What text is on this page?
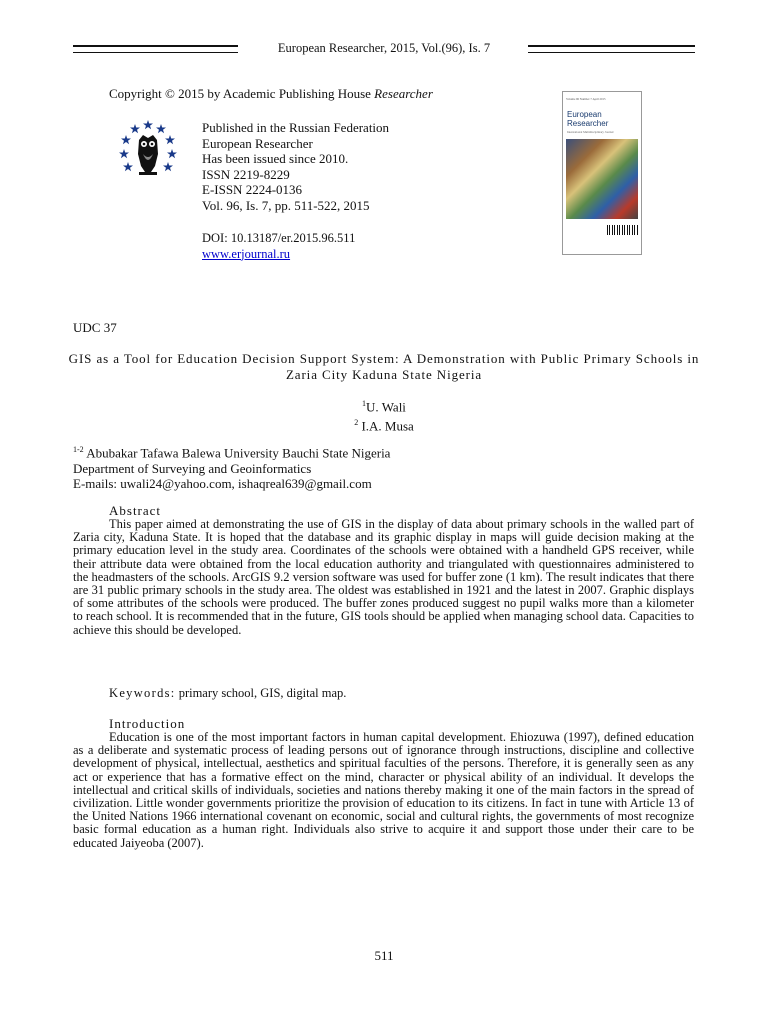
European Researcher, 2015, Vol.(96), Is. 7
Copyright © 2015 by Academic Publishing House Researcher
Published in the Russian Federation
European Researcher
Has been issued since 2010.
ISSN 2219-8229
E-ISSN 2224-0136
Vol. 96, Is. 7, pp. 511-522, 2015
DOI: 10.13187/er.2015.96.511
www.erjournal.ru
Volume 96 Number 7 April 2015
European Researcher
International Multidisciplinary Journal
UDC 37
GIS as a Tool for Education Decision Support System: A Demonstration with Public Primary Schools in Zaria City Kaduna State Nigeria
$^1$U. Wali
$^2$ I.A. Musa
$^{1-2}$ Abubakar Tafawa Balewa University Bauchi State Nigeria
Department of Surveying and Geoinformatics
E-mails: uwali24@yahoo.com, ishaqreal639@gmail.com
Abstract
This paper aimed at demonstrating the use of GIS in the display of data about primary schools in the walled part of Zaria city, Kaduna State. It is hoped that the database and its graphic display in maps will guide decision making at the primary education level in the study area. Coordinates of the schools were obtained with a handheld GPS receiver, while their attribute data were obtained from the local education authority and triangulated with questionnaires administered to the headmasters of the schools. ArcGIS 9.2 version software was used for buffer zone (1 km). The result indicates that there are 31 public primary schools in the study area. The oldest was established in 1921 and the latest in 2007. Graphic displays of some attributes of the schools were produced. The buffer zones produced suggest no pupil walks more than a kilometer to reach school. It is recommended that in the future, GIS tools should be applied when managing school data. Capacities to achieve this should be developed.
Keywords: primary school, GIS, digital map.
Introduction
Education is one of the most important factors in human capital development. Ehiozuwa (1997), defined education as a deliberate and systematic process of leading persons out of ignorance through instructions, discipline and collective development of physical, intellectual, aesthetics and spiritual faculties of the persons. Therefore, it is generally seen as any act or experience that has a formative effect on the mind, character or physical ability of an individual. It develops the intellectual and critical skills of individuals, societies and nations thereby making it one of the main factors in the spread of civilization. Little wonder governments prioritize the provision of education to its citizens. In fact in tune with Article 13 of the United Nations 1966 international covenant on economic, social and cultural rights, the governments of most recognize basic formal education as a human right. Individuals also strive to acquire it and support those under their care to be educated Jaiyeoba (2007).
511
